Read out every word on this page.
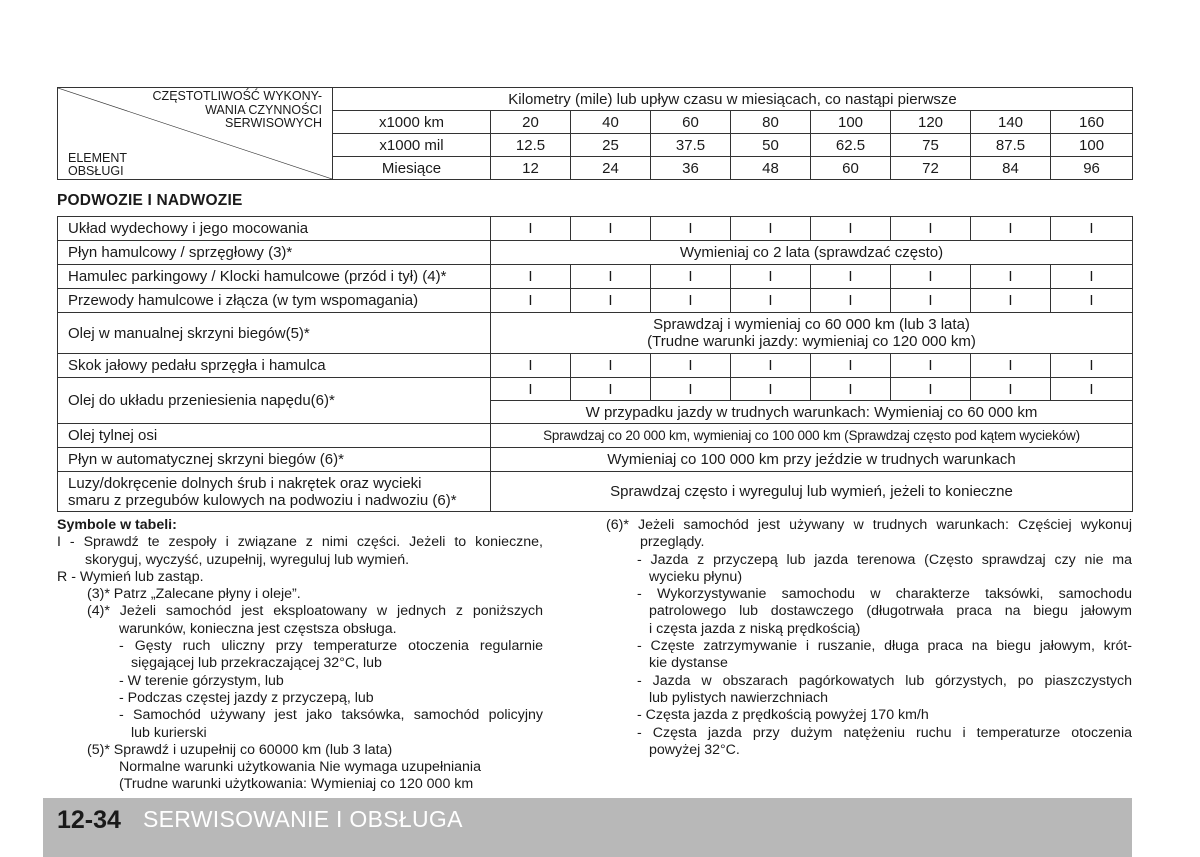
CZĘSTOTLIWOŚĆ WYKONY-
WANIA CZYNNOŚCI
SERWISOWYCH
ELEMENT
OBSŁUGI	Kilometry (mile) lub upływ czasu w miesiącach, co nastąpi pierwsze								
	x1000 km	20	40	60	80	100	120	140	160
	x1000 mil	12.5	25	37.5	50	62.5	75	87.5	100
	Miesiące	12	24	36	48	60	72	84	96
PODWOZIE I NADWOZIE
Układ wydechowy i jego mocowania	I	I	I	I	I	I	I	I
Płyn hamulcowy / sprzęgłowy (3)*	Wymieniaj co 2 lata (sprawdzać często)							
Hamulec parkingowy / Klocki hamulcowe (przód i tył) (4)*	I	I	I	I	I	I	I	I
Przewody hamulcowe i złącza (w tym wspomagania)	I	I	I	I	I	I	I	I
Olej w manualnej skrzyni biegów(5)*	Sprawdzaj i wymieniaj co 60 000 km (lub 3 lata)
(Trudne warunki jazdy: wymieniaj co 120 000 km)							

Skok jałowy pedału sprzęgła i hamulca	I	I	I	I	I	I	I	I
Olej do układu przeniesienia napędu(6)*	I	I	I	I	I	I	I	I
	W przypadku jazdy w trudnych warunkach: Wymieniaj co 60 000 km							
Olej tylnej osi	Sprawdzaj co 20 000 km, wymieniaj co 100 000 km (Sprawdzaj często pod kątem wycieków)							
Płyn w automatycznej skrzyni biegów (6)*	Wymieniaj co 100 000 km przy jeździe w trudnych warunkach							

Luzy/dokręcenie dolnych śrub i nakrętek oraz wycieki
smaru z przegubów kulowych na podwoziu i nadwoziu (6)*	Sprawdzaj często i wyreguluj lub wymień, jeżeli to konieczne							
Symbole w tabeli:
I - Sprawdź te zespoły i związane z nimi części. Jeżeli to konieczne,
skoryguj, wyczyść, uzupełnij, wyreguluj lub wymień.
R - Wymień lub zastąp.
(3)* Patrz „Zalecane płyny i oleje”.
(4)* Jeżeli samochód jest eksploatowany w jednych z poniższych
warunków, konieczna jest częstsza obsługa.
- Gęsty ruch uliczny przy temperaturze otoczenia regularnie
sięgającej lub przekraczającej 32°C, lub
- W terenie górzystym, lub
- Podczas częstej jazdy z przyczepą, lub
- Samochód używany jest jako taksówka, samochód policyjny
lub kurierski
(5)* Sprawdź i uzupełnij co 60000 km (lub 3 lata)
Normalne warunki użytkowania Nie wymaga uzupełniania
(Trudne warunki użytkowania: Wymieniaj co 120 000 km
(6)* Jeżeli samochód jest używany w trudnych warunkach: Częściej wykonuj
przeglądy.
- Jazda z przyczepą lub jazda terenowa (Często sprawdzaj czy nie ma
wycieku płynu)
- Wykorzystywanie samochodu w charakterze taksówki, samochodu
patrolowego lub dostawczego (długotrwała praca na biegu jałowym
i częsta jazda z niską prędkością)
- Częste zatrzymywanie i ruszanie, długa praca na biegu jałowym, krót-
kie dystanse
- Jazda w obszarach pagórkowatych lub górzystych, po piaszczystych
lub pylistych nawierzchniach
- Częsta jazda z prędkością powyżej 170 km/h
- Częsta jazda przy dużym natężeniu ruchu i temperaturze otoczenia
powyżej 32°C.
12-34 SERWISOWANIE I OBSŁUGA
